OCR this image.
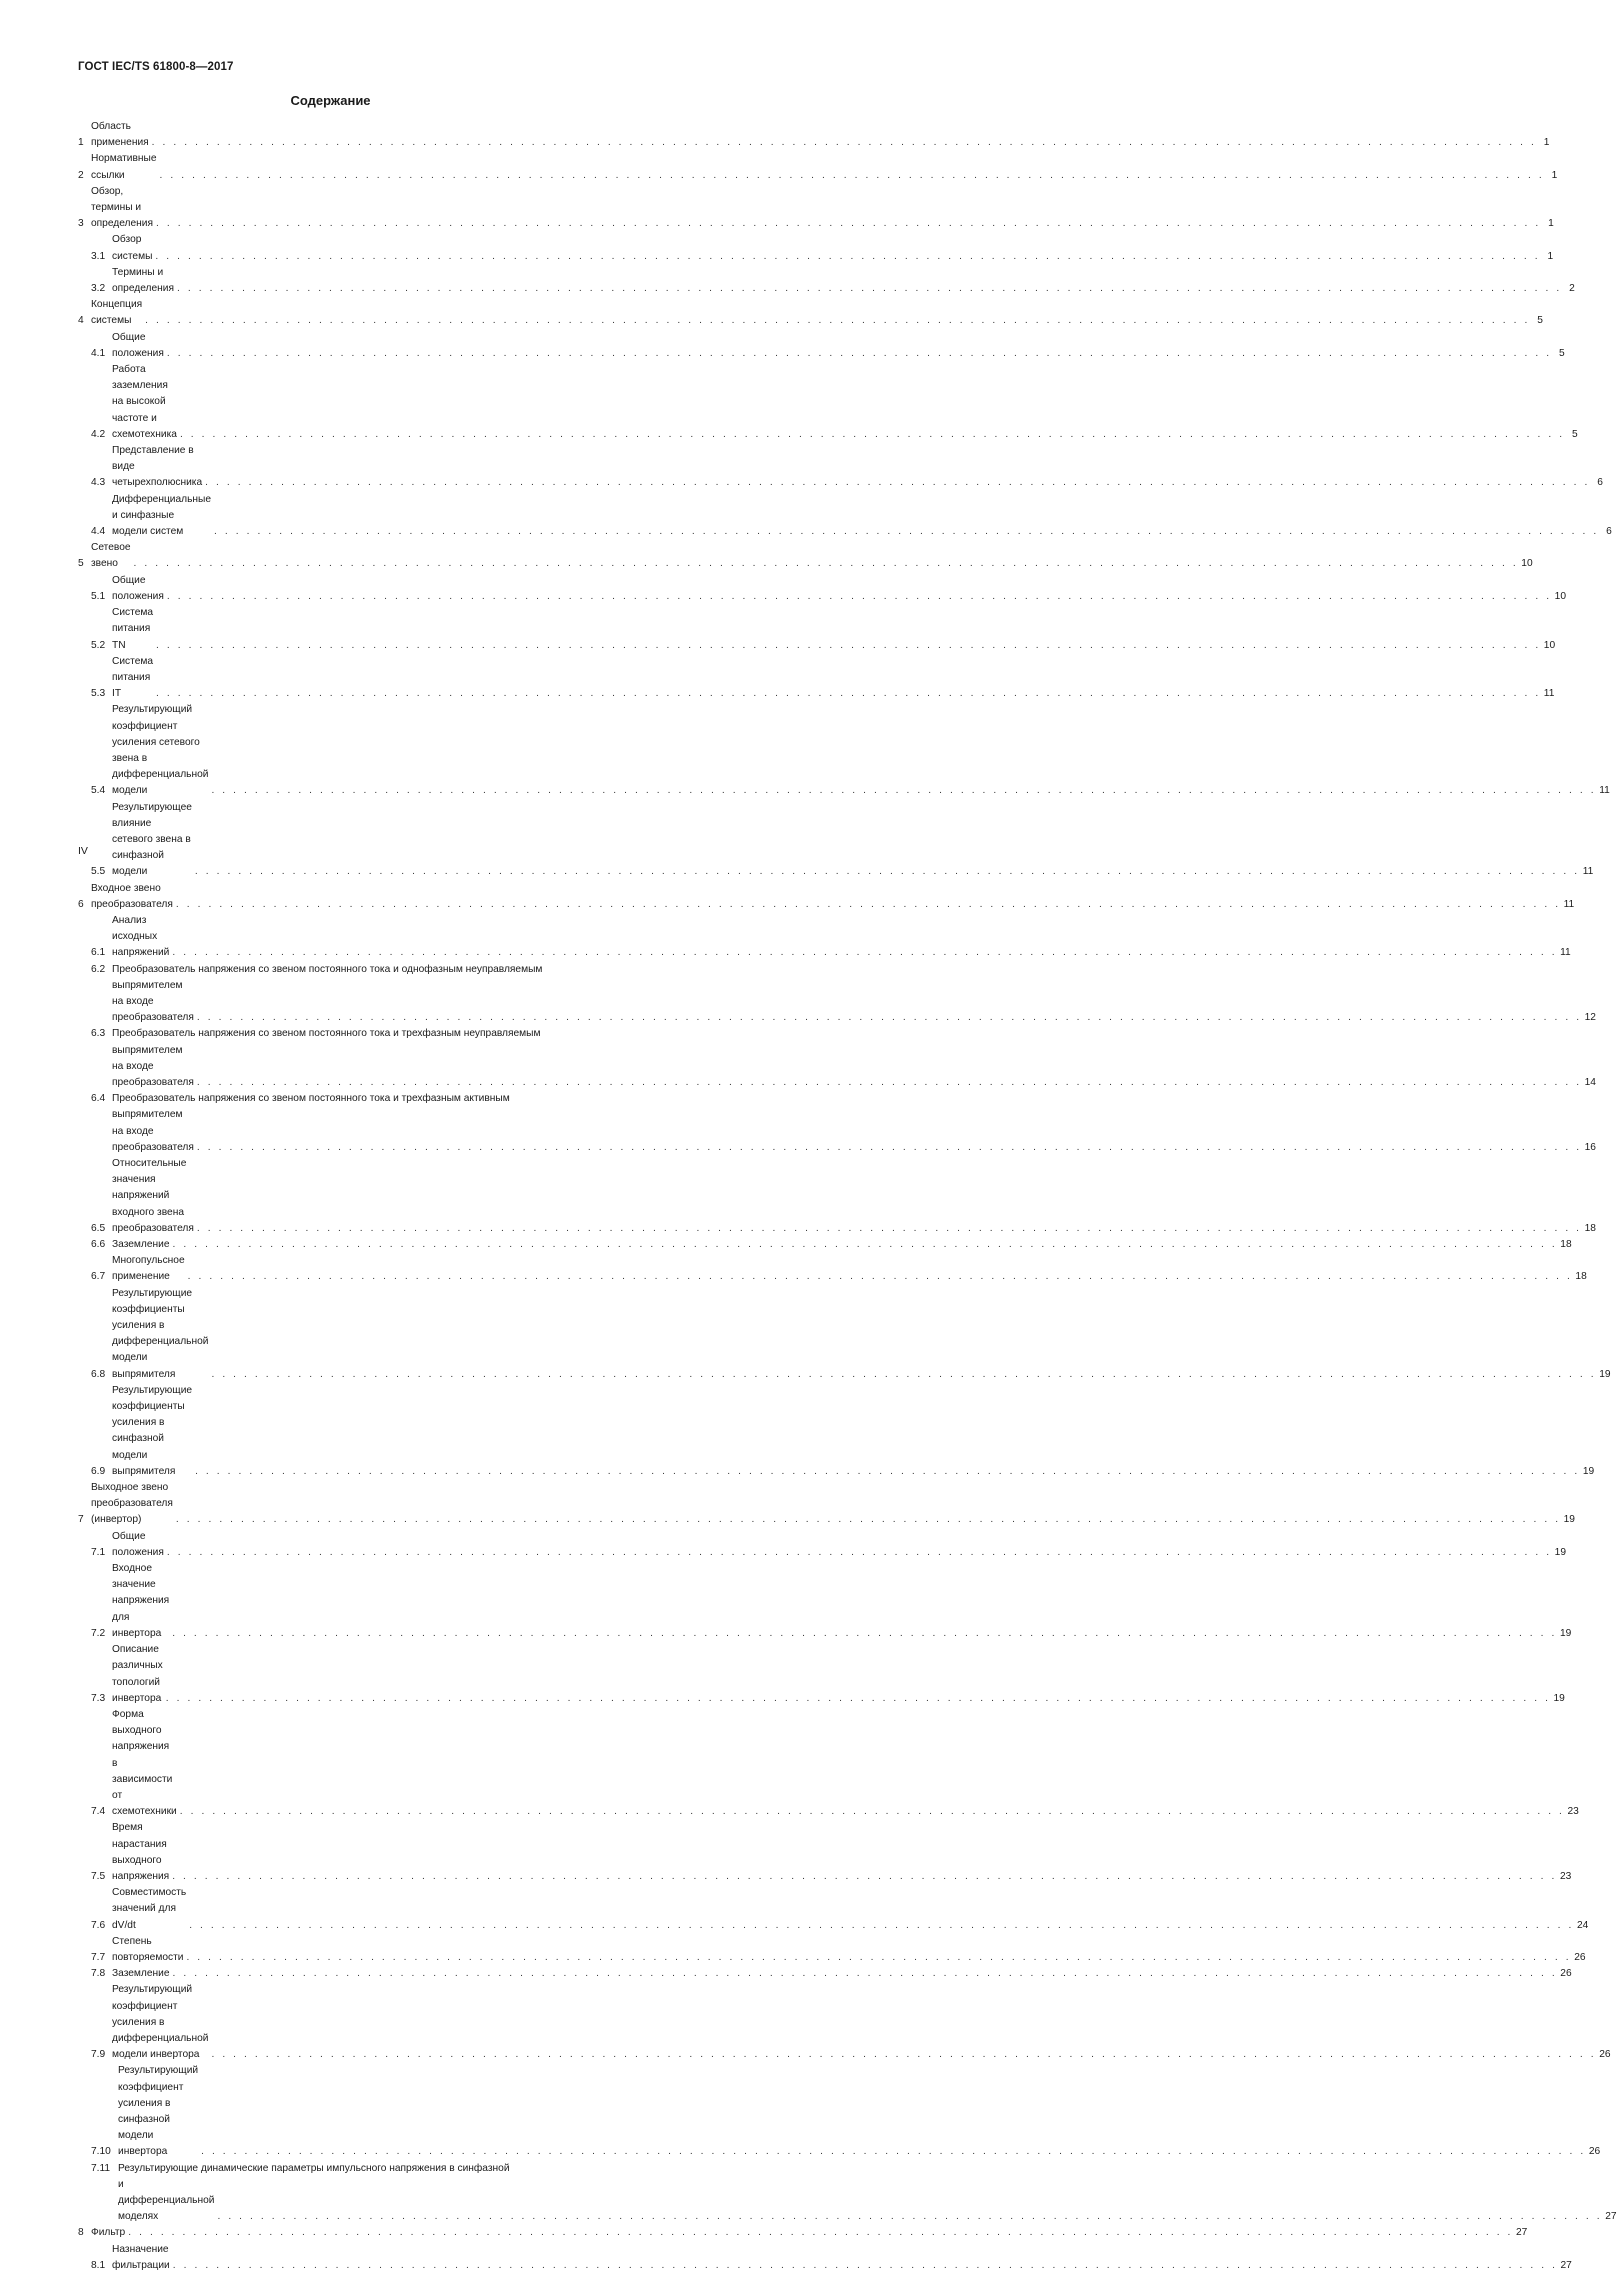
ГОСТ IEC/TS 61800-8—2017
Содержание
1
Область применения . . .	1
2
Нормативные ссылки . . .	1
3
Обзор, термины и определения . . .	1
3.1
Обзор системы . . .	1
3.2
Термины и определения . . .	2
4
Концепция системы . . .	5
4.1
Общие положения . . .	5
4.2
Работа заземления на высокой частоте и схемотехника . . .	5
4.3
Представление в виде четырехполюсника . . .	6
4.4
Дифференциальные и синфазные модели систем . . .	6
5
Сетевое звено . . .	10
5.1
Общие положения . . .	10
5.2
Система питания TN . . .	10
5.3
Система питания IT . . .	11
5.4
Результирующий коэффициент усиления сетевого звена в дифференциальной модели . . .	11
5.5
Результирующее влияние сетевого звена в синфазной модели . . .	11
6
Входное звено преобразователя . . .	11
6.1
Анализ исходных напряжений . . .	11
6.2 Преобразователь напряжения со звеном постоянного тока и однофазным неуправляемым
выпрямителем на входе преобразователя . . .	12
6.3 Преобразователь напряжения со звеном постоянного тока и трехфазным неуправляемым
выпрямителем на входе преобразователя . . .	14
6.4 Преобразователь напряжения со звеном постоянного тока и трехфазным активным
выпрямителем на входе преобразователя . . .	16
6.5
Относительные значения напряжений входного звена преобразователя . . .	18
6.6 Заземление . . .	18
6.7
Многопульсное применение . . .	18
6.8
Результирующие коэффициенты усиления в дифференциальной модели выпрямителя . . .	19
6.9
Результирующие коэффициенты усиления в синфазной модели выпрямителя . . .	19
7
Выходное звено преобразователя (инвертор) . . .	19
7.1
Общие положения . . .	19
7.2
Входное значение напряжения для инвертора . . .	19
7.3
Описание различных топологий инвертора . . .	19
7.4
Форма выходного напряжения в зависимости от схемотехники . . .	23
7.5
Время нарастания выходного напряжения . . .	23
7.6
Совместимость значений для dV/dt . . .	24
7.7
Степень повторяемости . . .	26
7.8 Заземление . . .	26
7.9
Результирующий коэффициент усиления в дифференциальной модели инвертора . . .	26
7.10
Результирующий коэффициент усиления в синфазной модели инвертора . . .	26
7.11 Результирующие динамические параметры импульсного напряжения в синфазной
и дифференциальной моделях . . .	27
8 Фильтр . . .	27
8.1
Назначение фильтрации . . .	27
IV
